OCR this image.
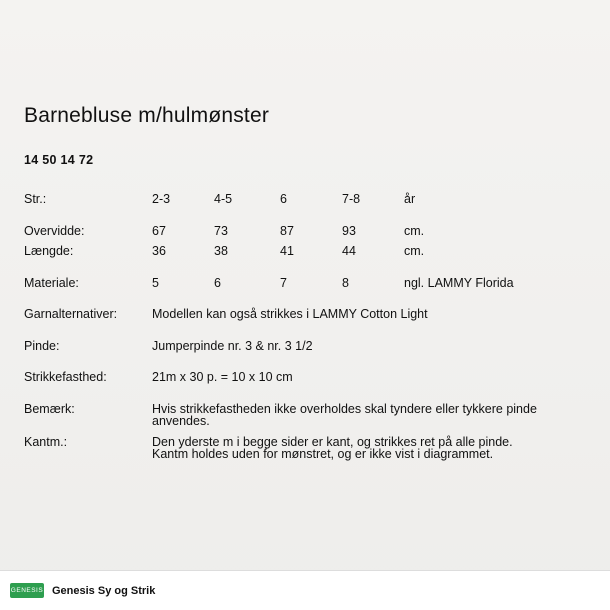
Barnebluse m/hulmønster
14 50 14 72
Str.:	2-3	4-5	6	7-8	år
Overvidde:	67	73	87	93	cm.
Længde:	36	38	41	44	cm.
Materiale:	5	6	7	8	ngl. LAMMY Florida
Garnalternativer:	Modellen kan også strikkes i LAMMY Cotton Light				
Pinde:	Jumperpinde nr. 3 & nr. 3 1/2				
Strikkefasthed:	21m x 30 p. = 10 x 10 cm				
Bemærk:	Hvis strikkefastheden ikke overholdes skal tyndere eller tykkere pinde
anvendes.				

Kantm.:	Den yderste m i begge sider er kant, og strikkes ret på alle pinde.
Kantm holdes uden for mønstret, og er ikke vist i diagrammet.				
GENESIS Genesis Sy og Strik
